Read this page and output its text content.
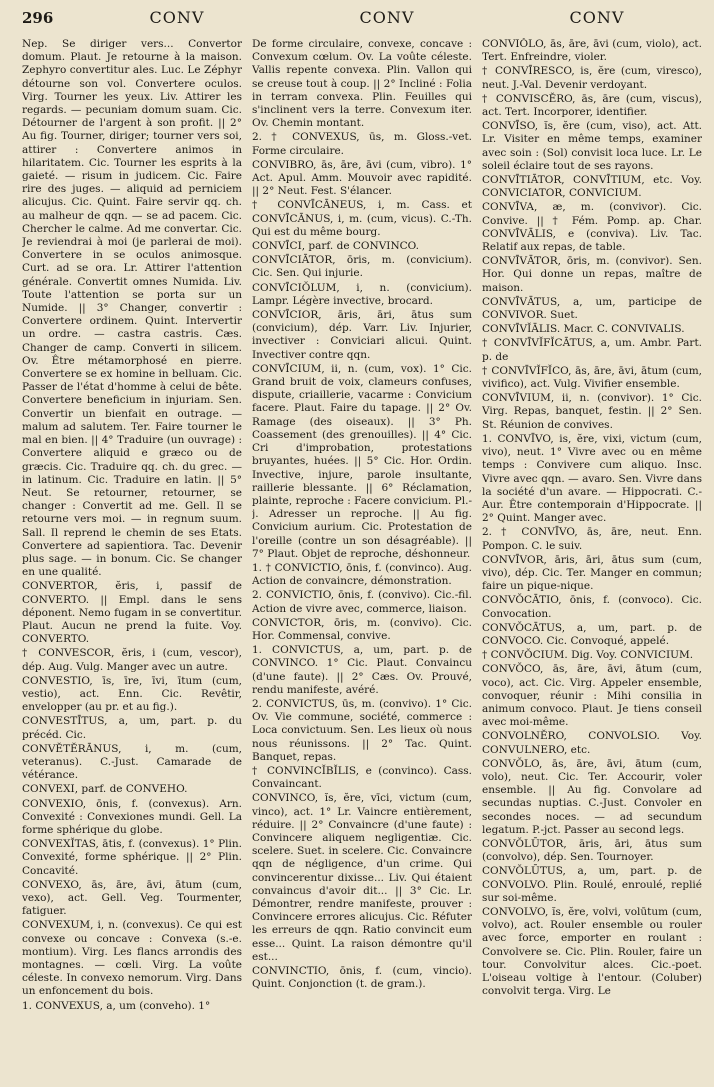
296	CONV	CONV	CONV

Nep. Se diriger vers... Convertor domum. Plaut. Je retourne à la maison. Zephyro convertitur ales. Luc. Le Zéphyr détourne son vol. Convertere oculos. Virg. Tourner les yeux. Liv. Attirer les regards. — pecuniam domum suam. Cic. Détourner de l'argent à son profit. || 2° Au fig. Tourner, diriger; tourner vers soi, attirer : Convertere animos in hilaritatem. Cic. Tourner les esprits à la gaieté. — risum in judicem. Cic. Faire rire des juges. — aliquid ad perniciem alicujus. Cic. Quint. Faire servir qq. ch. au malheur de qqn. — se ad pacem. Cic. Chercher le calme. Ad me convertar. Cic. Je reviendrai à moi (je parlerai de moi). Convertere in se oculos animosque. Curt. ad se ora. Lr. Attirer l'attention générale. Convertit omnes Numida. Liv. Toute l'attention se porta sur un Numide. || 3° Changer, convertir : Convertere ordinem. Quint. Intervertir un ordre. — castra castris. Cæs. Changer de camp. Converti in silicem. Ov. Être métamorphosé en pierre. Convertere se ex homine in belluam. Cic. Passer de l'état d'homme à celui de bête. Convertere beneficium in injuriam. Sen. Convertir un bienfait en outrage. — malum ad salutem. Ter. Faire tourner le mal en bien. || 4° Traduire (un ouvrage) : Convertere aliquid e græco ou de græcis. Cic. Traduire qq. ch. du grec. — in latinum. Cic. Traduire en latin. || 5° Neut. Se retourner, retourner, se changer : Convertit ad me. Gell. Il se retourne vers moi. — in regnum suum. Sall. Il reprend le chemin de ses Etats. Convertere ad sapientiora. Tac. Devenir plus sage. — in bonum. Cic. Se changer en une qualité.

CONVERTOR, ĕris, i, passif de CONVERTO. || Empl. dans le sens déponent. Nemo fugam in se convertitur. Plaut. Aucun ne prend la fuite. Voy. CONVERTO.

† CONVESCOR, ĕris, i (cum, vescor), dép. Aug. Vulg. Manger avec un autre.

CONVESTIO, īs, īre, īvi, ītum (cum, vestio), act. Enn. Cic. Revêtir, envelopper (au pr. et au fig.).

CONVESTĪTUS, a, um, part. p. du précéd. Cic.

CONVĔTĔRĀNUS, i, m. (cum, veteranus). C.-Just. Camarade de vétérance.

CONVEXI, parf. de CONVEHO.

CONVEXIO, ōnis, f. (convexus). Arn. Convexité : Convexiones mundi. Gell. La forme sphérique du globe.

CONVEXĬTAS, ātis, f. (convexus). 1° Plin. Convexité, forme sphérique. || 2° Plin. Concavité.

CONVEXO, ās, āre, āvi, ātum (cum, vexo), act. Gell. Veg. Tourmenter, fatiguer.

CONVEXUM, i, n. (convexus). Ce qui est convexe ou concave : Convexa (s.-e. montium). Virg. Les flancs arrondis des montagnes. — cœli. Virg. La voûte céleste. In convexo nemorum. Virg. Dans un enfoncement du bois.

1. CONVEXUS, a, um (conveho). 1°

De forme circulaire, convexe, concave : Convexum cœlum. Ov. La voûte céleste. Vallis repente convexa. Plin. Vallon qui se creuse tout à coup. || 2° Incliné : Folia in terram convexa. Plin. Feuilles qui s'inclinent vers la terre. Convexum iter. Ov. Chemin montant.

2. † CONVEXUS, ūs, m. Gloss.-vet. Forme circulaire.

CONVIBRO, ās, āre, āvi (cum, vibro). 1° Act. Apul. Amm. Mouvoir avec rapidité. || 2° Neut. Fest. S'élancer.

† CONVĪCĀNEUS, i, m. Cass. et CONVĪCĀNUS, i, m. (cum, vicus). C.-Th. Qui est du même bourg.

CONVĪCI, parf. de CONVINCO.

CONVĪCIĀTOR, ōris, m. (convicium). Cic. Sen. Qui injurie.

CONVĪCIŎLUM, i, n. (convicium). Lampr. Légère invective, brocard.

CONVĪCIOR, āris, āri, ātus sum (convicium), dép. Varr. Liv. Injurier, invectiver : Conviciari alicui. Quint. Invectiver contre qqn.

CONVĪCIUM, ii, n. (cum, vox). 1° Cic. Grand bruit de voix, clameurs confuses, dispute, criaillerie, vacarme : Convicium facere. Plaut. Faire du tapage. || 2° Ov. Ramage (des oiseaux). || 3° Ph. Coassement (des grenouilles). || 4° Cic. Cri d'improbation, protestations bruyantes, huées. || 5° Cic. Hor. Ordin. Invective, injure, parole insultante, raillerie blessante. || 6° Réclamation, plainte, reproche : Facere convicium. Pl.-j. Adresser un reproche. || Au fig. Convicium aurium. Cic. Protestation de l'oreille (contre un son désagréable). || 7° Plaut. Objet de reproche, déshonneur.

1. † CONVICTIO, ōnis, f. (convinco). Aug. Action de convaincre, démonstration.

2. CONVICTIO, ōnis, f. (convivo). Cic.-fil. Action de vivre avec, commerce, liaison.

CONVICTOR, ōris, m. (convivo). Cic. Hor. Commensal, convive.

1. CONVICTUS, a, um, part. p. de CONVINCO. 1° Cic. Plaut. Convaincu (d'une faute). || 2° Cæs. Ov. Prouvé, rendu manifeste, avéré.

2. CONVICTUS, ūs, m. (convivo). 1° Cic. Ov. Vie commune, société, commerce : Loca convictuum. Sen. Les lieux où nous nous réunissons. || 2° Tac. Quint. Banquet, repas.

† CONVINCĬBĬLIS, e (convinco). Cass. Convaincant.

CONVINCO, ĭs, ĕre, vīci, victum (cum, vinco), act. 1° Lr. Vaincre entièrement, réduire. || 2° Convaincre (d'une faute) : Convincere aliquem negligentiæ. Cic. scelere. Suet. in scelere. Cic. Convaincre qqn de négligence, d'un crime. Qui convincerentur dixisse... Liv. Qui étaient convaincus d'avoir dit... || 3° Cic. Lr. Démontrer, rendre manifeste, prouver : Convincere errores alicujus. Cic. Réfuter les erreurs de qqn. Ratio convincit eum esse... Quint. La raison démontre qu'il est...

CONVINCTIO, ōnis, f. (cum, vincio). Quint. Conjonction (t. de gram.).

CONVIŎLO, ās, āre, āvi (cum, violo), act. Tert. Enfreindre, violer.

† CONVĪRESCO, is, ĕre (cum, viresco), neut. J.-Val. Devenir verdoyant.

† CONVISCĔRO, ās, āre (cum, viscus), act. Tert. Incorporer, identifier.

CONVĪSO, ĭs, ĕre (cum, viso), act. Att. Lr. Visiter en même temps, examiner avec soin : (Sol) convisit loca luce. Lr. Le soleil éclaire tout de ses rayons.

CONVĪTIĀTOR, CONVĪTIUM, etc. Voy. CONVICIATOR, CONVICIUM.

CONVĪVA, æ, m. (convivor). Cic. Convive. || † Fém. Pomp. ap. Char. CONVĪVĀLIS, e (conviva). Liv. Tac. Relatif aux repas, de table.

CONVĪVĀTOR, ōris, m. (convivor). Sen. Hor. Qui donne un repas, maître de maison.

CONVĪVĀTUS, a, um, participe de CONVIVOR. Suet.

CONVĪVĬĀLIS. Macr. C. CONVIVALIS.

† CONVĪVĬFĬCĀTUS, a, um. Ambr. Part. p. de

† CONVĪVĬFĬCO, ās, āre, āvi, ātum (cum, vivifico), act. Vulg. Vivifier ensemble.

CONVĪVIUM, ii, n. (convivor). 1° Cic. Virg. Repas, banquet, festin. || 2° Sen. St. Réunion de convives.

1. CONVĪVO, is, ĕre, vixi, victum (cum, vivo), neut. 1° Vivre avec ou en même temps : Convivere cum aliquo. Insc. Vivre avec qqn. — avaro. Sen. Vivre dans la société d'un avare. — Hippocrati. C.-Aur. Être contemporain d'Hippocrate. || 2° Quint. Manger avec.

2. † CONVĪVO, ās, āre, neut. Enn. Pompon. C. le suiv.

CONVĪVOR, āris, āri, ātus sum (cum, vivo), dép. Cic. Ter. Manger en commun; faire un pique-nique.

CONVŎCĀTIO, ōnis, f. (convoco). Cic. Convocation.

CONVŎCĀTUS, a, um, part. p. de CONVOCO. Cic. Convoqué, appelé.

† CONVŎCIUM. Dig. Voy. CONVICIUM.

CONVŎCO, ās, āre, āvi, ātum (cum, voco), act. Cic. Virg. Appeler ensemble, convoquer, réunir : Mihi consilia in animum convoco. Plaut. Je tiens conseil avec moi-même.

CONVOLNĔRO, CONVOLSIO. Voy. CONVULNERO, etc.

CONVŎLO, ās, āre, āvi, ātum (cum, volo), neut. Cic. Ter. Accourir, voler ensemble. || Au fig. Convolare ad secundas nuptias. C.-Just. Convoler en secondes noces. — ad secundum legatum. P.-jct. Passer au second legs.

CONVŎLŪTOR, āris, āri, ātus sum (convolvo), dép. Sen. Tournoyer.

CONVŎLŪTUS, a, um, part. p. de CONVOLVO. Plin. Roulé, enroulé, replié sur soi-même.

CONVOLVO, ĭs, ĕre, volvi, volūtum (cum, volvo), act. Rouler ensemble ou rouler avec force, emporter en roulant : Convolvere se. Cic. Plin. Rouler, faire un tour. Convolvitur alces. Cic.-poet. L'oiseau voltige à l'entour. (Coluber) convolvit terga. Virg. Le
